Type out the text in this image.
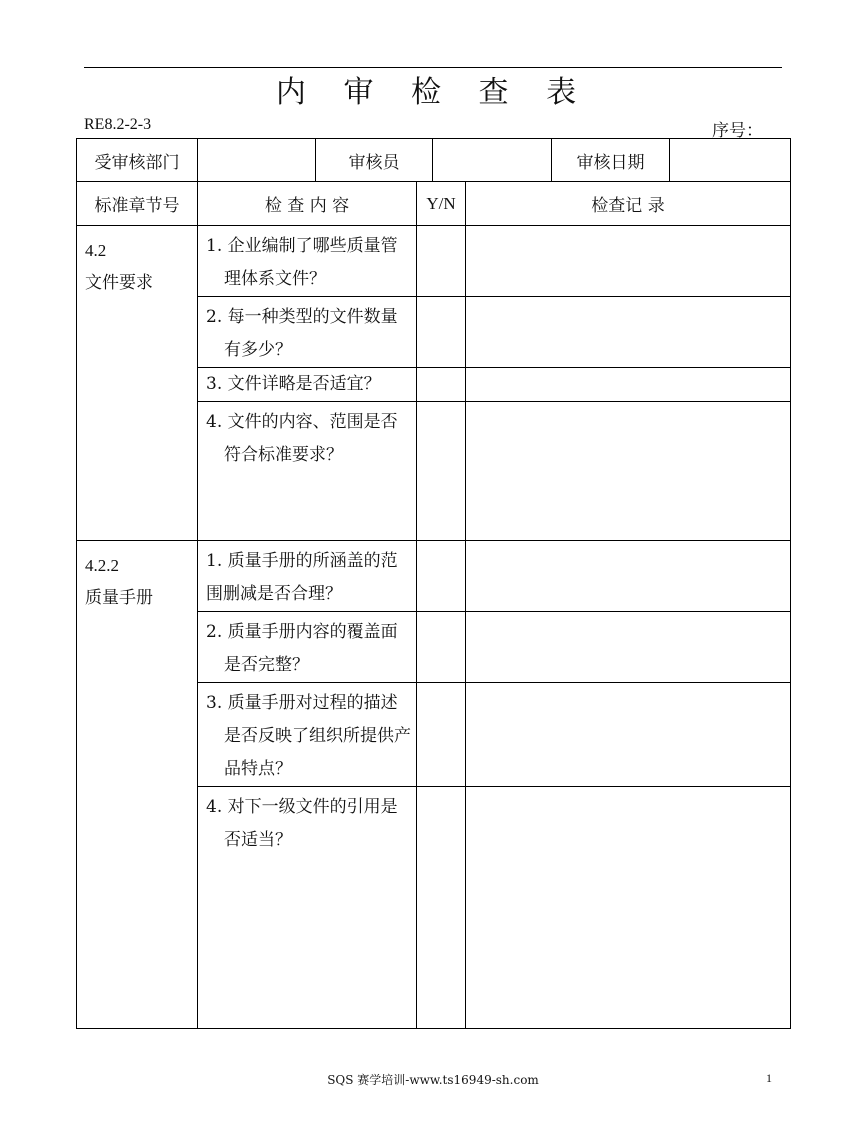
内 审 检 查 表
RE8.2-2-3	序号：
受审核部门		审核员		审核日期	
标准章节号	检 查 内 容	Y/N	检查记 录

4.2
文件要求	1. 企业编制了哪些质量管理体系文件？		

	2. 每一种类型的文件数量有多少？		

	3. 文件详略是否适宜？		

	4. 文件的内容、范围是否符合标准要求？		

4.2.2
质量手册	1. 质量手册的所涵盖的范围删减是否合理？		

	2. 质量手册内容的覆盖面是否完整？		

	3. 质量手册对过程的描述是否反映了组织所提供产品特点？		

	4. 对下一级文件的引用是否适当？		

SQS 赛学培训-www.ts16949-sh.com	1
